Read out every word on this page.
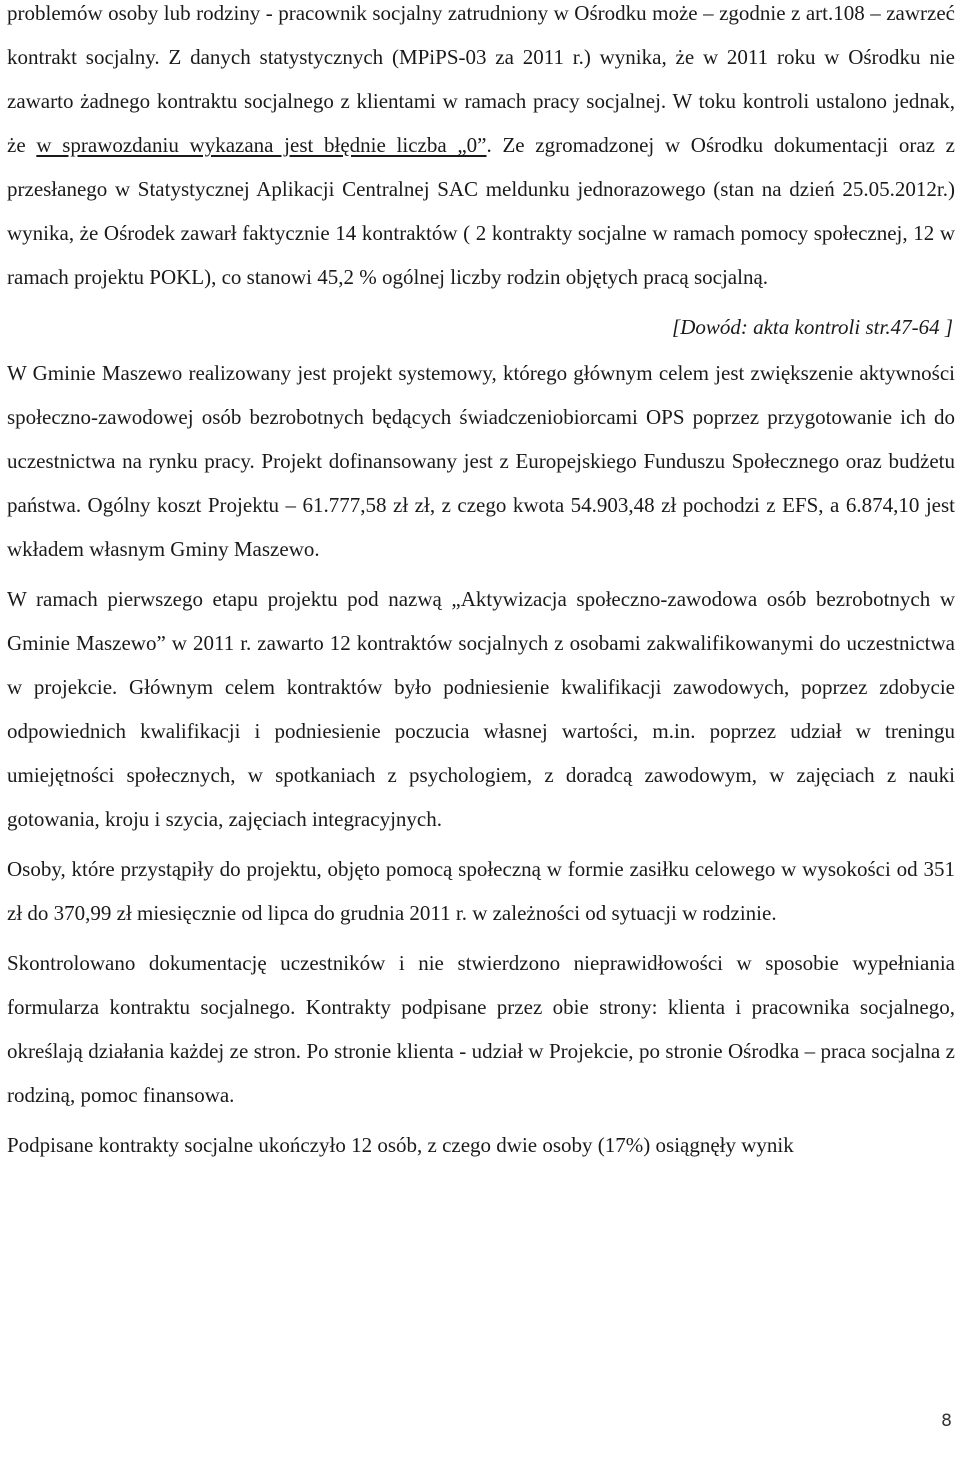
problemów osoby lub rodziny - pracownik socjalny zatrudniony w Ośrodku może – zgodnie z art.108 – zawrzeć kontrakt socjalny. Z danych statystycznych (MPiPS-03 za 2011 r.) wynika, że w 2011 roku w Ośrodku nie zawarto żadnego kontraktu socjalnego z klientami w ramach pracy socjalnej. W toku kontroli ustalono jednak, że w sprawozdaniu wykazana jest błędnie liczba „0”. Ze zgromadzonej w Ośrodku dokumentacji oraz z przesłanego w Statystycznej Aplikacji Centralnej SAC meldunku jednorazowego (stan na dzień 25.05.2012r.) wynika, że Ośrodek zawarł faktycznie 14 kontraktów ( 2 kontrakty socjalne w ramach pomocy społecznej, 12 w ramach projektu POKL), co stanowi 45,2 % ogólnej liczby rodzin objętych pracą socjalną.

[Dowód: akta kontroli str.47-64 ]

W Gminie Maszewo realizowany jest projekt systemowy, którego głównym celem jest zwiększenie aktywności społeczno-zawodowej osób bezrobotnych będących świadczeniobiorcami OPS poprzez przygotowanie ich do uczestnictwa na rynku pracy. Projekt dofinansowany jest z Europejskiego Funduszu Społecznego oraz budżetu państwa. Ogólny koszt Projektu – 61.777,58 zł zł, z czego kwota 54.903,48 zł pochodzi z EFS, a 6.874,10 jest wkładem własnym Gminy Maszewo.

W ramach pierwszego etapu projektu pod nazwą „Aktywizacja społeczno-zawodowa osób bezrobotnych w Gminie Maszewo” w 2011 r. zawarto 12 kontraktów socjalnych z osobami zakwalifikowanymi do uczestnictwa w projekcie. Głównym celem kontraktów było podniesienie kwalifikacji zawodowych, poprzez zdobycie odpowiednich kwalifikacji i podniesienie poczucia własnej wartości, m.in. poprzez udział w treningu umiejętności społecznych, w spotkaniach z psychologiem, z doradcą zawodowym, w zajęciach z nauki gotowania, kroju i szycia, zajęciach integracyjnych.

Osoby, które przystąpiły do projektu, objęto pomocą społeczną w formie zasiłku celowego w wysokości od 351 zł do 370,99 zł miesięcznie od lipca do grudnia 2011 r. w zależności od sytuacji w rodzinie.

Skontrolowano dokumentację uczestników i nie stwierdzono nieprawidłowości w sposobie wypełniania formularza kontraktu socjalnego. Kontrakty podpisane przez obie strony: klienta i pracownika socjalnego, określają działania każdej ze stron. Po stronie klienta - udział w Projekcie, po stronie Ośrodka – praca socjalna z rodziną, pomoc finansowa.

Podpisane kontrakty socjalne ukończyło 12 osób, z czego dwie osoby (17%) osiągnęły wynik

8
